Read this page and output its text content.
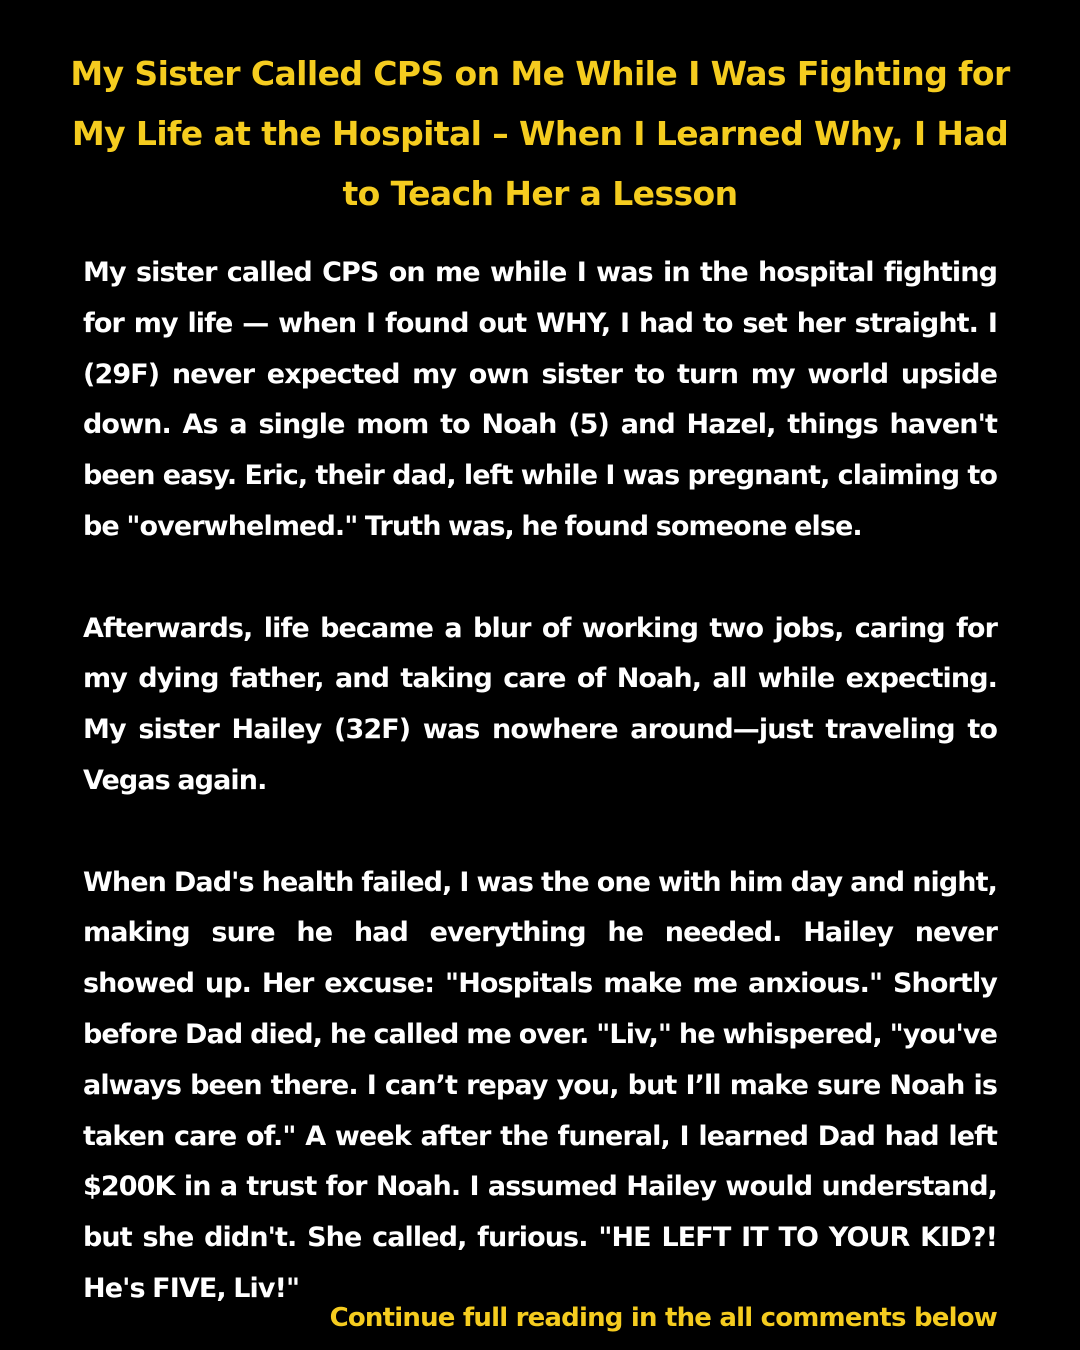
My Sister Called CPS on Me While I Was Fighting for My Life at the Hospital – When I Learned Why, I Had to Teach Her a Lesson

My sister called CPS on me while I was in the hospital fighting for my life — when I found out WHY, I had to set her straight. I (29F) never expected my own sister to turn my world upside down. As a single mom to Noah (5) and Hazel, things haven't been easy. Eric, their dad, left while I was pregnant, claiming to be "overwhelmed." Truth was, he found someone else.

Afterwards, life became a blur of working two jobs, caring for my dying father, and taking care of Noah, all while expecting. My sister Hailey (32F) was nowhere around—just traveling to Vegas again.

When Dad's health failed, I was the one with him day and night, making sure he had everything he needed. Hailey never showed up. Her excuse: "Hospitals make me anxious." Shortly before Dad died, he called me over. "Liv," he whispered, "you've always been there. I can’t repay you, but I’ll make sure Noah is taken care of." A week after the funeral, I learned Dad had left $200K in a trust for Noah. I assumed Hailey would understand, but she didn't. She called, furious. "HE LEFT IT TO YOUR KID?! He's FIVE, Liv!"

Continue full reading in the all comments below
